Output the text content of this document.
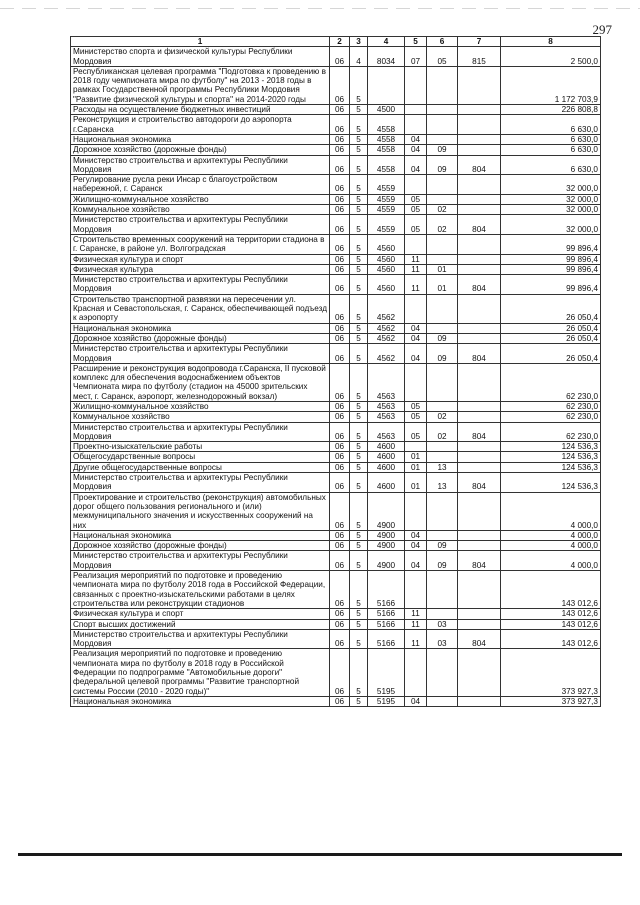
297
1	2	3	4	5	6	7	8
Министерство спорта и физической культуры Республики Мордовия	06	4	8034	07	05	815	2 500,0
Республиканская целевая программа "Подготовка к проведению в 2018 году чемпионата мира по футболу" на 2013 - 2018 годы в рамках Государственной программы Республики Мордовия "Развитие физической культуры и спорта" на 2014-2020 годы	06	5					1 172 703,9
Расходы на осуществление бюджетных инвестиций	06	5	4500				226 808,8
Реконструкция и строительство автодороги до аэропорта г.Саранска	06	5	4558				6 630,0
Национальная экономика	06	5	4558	04			6 630,0
Дорожное хозяйство (дорожные фонды)	06	5	4558	04	09		6 630,0
Министерство строительства и архитектуры Республики Мордовия	06	5	4558	04	09	804	6 630,0
Регулирование русла реки Инсар с благоустройством набережной, г. Саранск	06	5	4559				32 000,0
Жилищно-коммунальное хозяйство	06	5	4559	05			32 000,0
Коммунальное хозяйство	06	5	4559	05	02		32 000,0
Министерство строительства и архитектуры Республики Мордовия	06	5	4559	05	02	804	32 000,0
Строительство временных сооружений на территории стадиона в г. Саранске, в районе ул. Волгоградская	06	5	4560				99 896,4
Физическая культура и спорт	06	5	4560	11			99 896,4
Физическая культура	06	5	4560	11	01		99 896,4
Министерство строительства и архитектуры Республики Мордовия	06	5	4560	11	01	804	99 896,4
Строительство транспортной развязки на пересечении ул. Красная и Севастопольская, г. Саранск, обеспечивающей подъезд к аэропорту	06	5	4562				26 050,4
Национальная экономика	06	5	4562	04			26 050,4
Дорожное хозяйство (дорожные фонды)	06	5	4562	04	09		26 050,4
Министерство строительства и архитектуры Республики Мордовия	06	5	4562	04	09	804	26 050,4
Расширение и реконструкция водопровода г.Саранска, II пусковой комплекс для обеспечения водоснабжением объектов Чемпионата мира по футболу (стадион на 45000 зрительских мест, г. Саранск, аэропорт, железнодорожный вокзал)	06	5	4563				62 230,0
Жилищно-коммунальное хозяйство	06	5	4563	05			62 230,0
Коммунальное хозяйство	06	5	4563	05	02		62 230,0
Министерство строительства и архитектуры Республики Мордовия	06	5	4563	05	02	804	62 230,0
Проектно-изыскательские работы	06	5	4600				124 536,3
Общегосударственные вопросы	06	5	4600	01			124 536,3
Другие общегосударственные вопросы	06	5	4600	01	13		124 536,3
Министерство строительства и архитектуры Республики Мордовия	06	5	4600	01	13	804	124 536,3
Проектирование и строительство (реконструкция) автомобильных дорог общего пользования регионального и (или) межмуниципального значения и искусственных сооружений на них	06	5	4900				4 000,0
Национальная экономика	06	5	4900	04			4 000,0
Дорожное хозяйство (дорожные фонды)	06	5	4900	04	09		4 000,0
Министерство строительства и архитектуры Республики Мордовия	06	5	4900	04	09	804	4 000,0
Реализация мероприятий по подготовке и проведению чемпионата мира по футболу 2018 года в Российской Федерации, связанных с проектно-изыскательскими работами в целях строительства или реконструкции стадионов	06	5	5166				143 012,6
Физическая культура и спорт	06	5	5166	11			143 012,6
Спорт высших достижений	06	5	5166	11	03		143 012,6
Министерство строительства и архитектуры Республики Мордовия	06	5	5166	11	03	804	143 012,6
Реализация мероприятий по подготовке и проведению чемпионата мира по футболу в 2018 году в Российской Федерации по подпрограмме "Автомобильные дороги" федеральной целевой программы "Развитие транспортной системы России (2010 - 2020 годы)"	06	5	5195				373 927,3
Национальная экономика	06	5	5195	04			373 927,3
